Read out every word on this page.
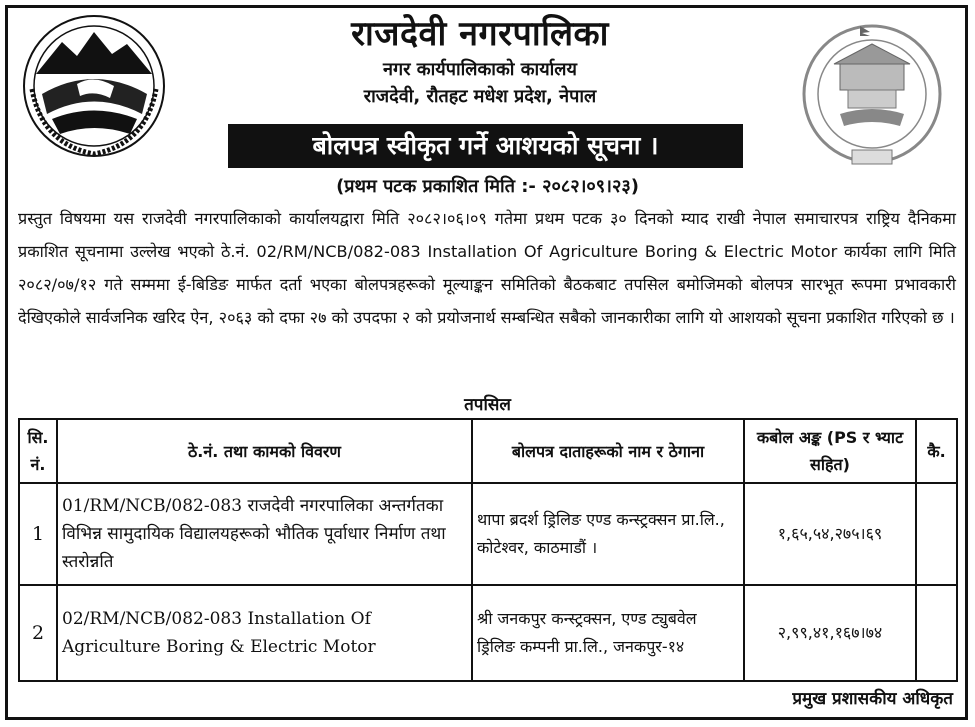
राजदेवी नगरपालिका

नगर कार्यपालिकाको कार्यालय

राजदेवी, रौतहट मधेश प्रदेश, नेपाल

बोलपत्र स्वीकृत गर्ने आशयको सूचना ।
(प्रथम पटक प्रकाशित मिति :- २०८२।०९।२३)
प्रस्तुत विषयमा यस राजदेवी नगरपालिकाको कार्यालयद्वारा मिति २०८२।०६।०९ गतेमा प्रथम पटक ३० दिनको म्याद राखी नेपाल समाचारपत्र राष्ट्रिय दैनिकमा प्रकाशित सूचनामा उल्लेख भएको ठे.नं. 02/RM/NCB/082-083 Installation Of Agriculture Boring & Electric Motor कार्यका लागि मिति २०८२/०७/१२ गते सम्ममा ई-बिडिङ मार्फत दर्ता भएका बोलपत्रहरूको मूल्याङ्कन समितिको बैठकबाट तपसिल बमोजिमको बोलपत्र सारभूत रूपमा प्रभावकारी देखिएकोले सार्वजनिक खरिद ऐन, २०६३ को दफा २७ को उपदफा २ को प्रयोजनार्थ सम्बन्धित सबैको जानकारीका लागि यो आशयको सूचना प्रकाशित गरिएको छ ।
तपसिल
सि. नं.	ठे.नं. तथा कामको विवरण	बोलपत्र दाताहरूको नाम र ठेगाना	कबोल अङ्क (PS र भ्याट सहित)	कै.
1	01/RM/NCB/082-083 राजदेवी नगरपालिका अन्तर्गतका विभिन्न सामुदायिक विद्यालयहरूको भौतिक पूर्वाधार निर्माण तथा स्तरोन्नति	थापा ब्रदर्श ड्रिलिङ एण्ड कन्स्ट्रक्सन प्रा.लि., कोटेश्वर, काठमाडौं ।	१,६५,५४,२७५।६९	
2	02/RM/NCB/082-083 Installation Of Agriculture Boring & Electric Motor	श्री जनकपुर कन्स्ट्रक्सन, एण्ड ट्युबवेल ड्रिलिङ कम्पनी प्रा.लि., जनकपुर-१४	२,९९,४१,१६७।७४	
प्रमुख प्रशासकीय अधिकृत
